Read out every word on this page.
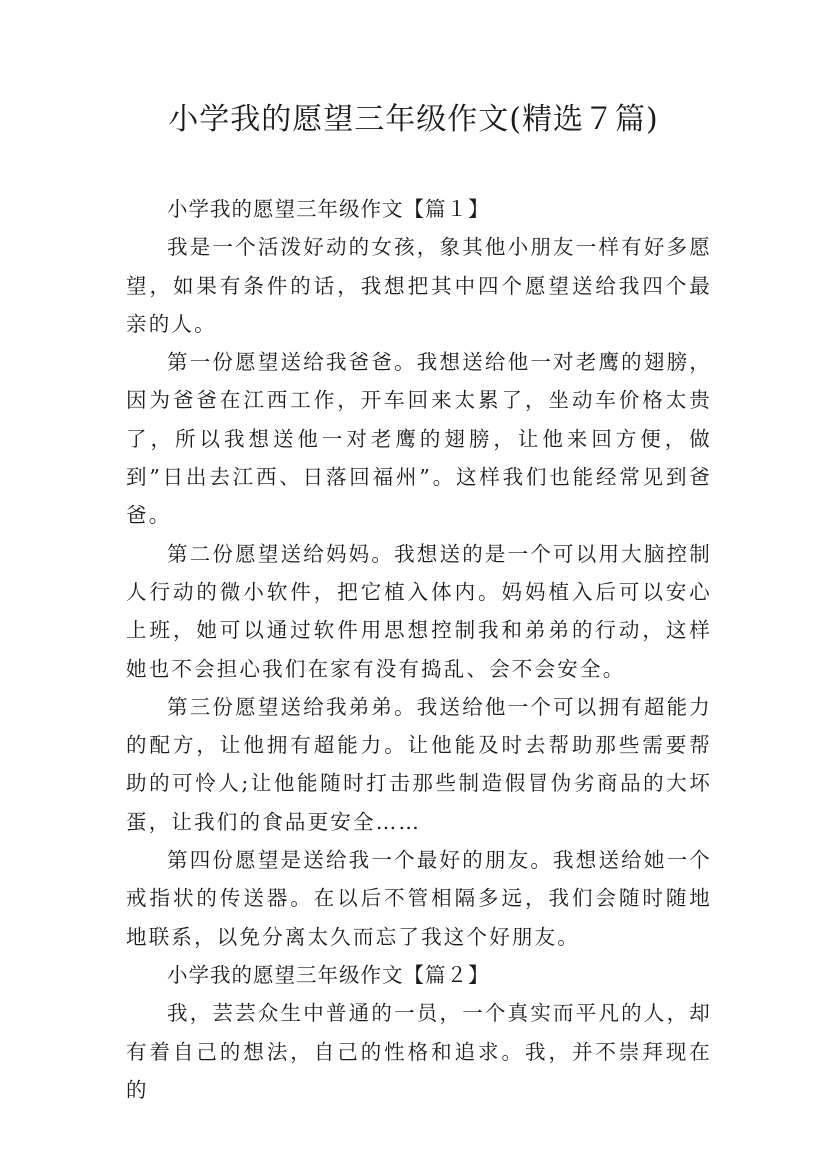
小学我的愿望三年级作文(精选７篇)

小学我的愿望三年级作文【篇１】

我是一个活泼好动的女孩，象其他小朋友一样有好多愿望，如果有条件的话，我想把其中四个愿望送给我四个最亲的人。

第一份愿望送给我爸爸。我想送给他一对老鹰的翅膀，因为爸爸在江西工作，开车回来太累了，坐动车价格太贵了，所以我想送他一对老鹰的翅膀，让他来回方便，做到”日出去江西、日落回福州”。这样我们也能经常见到爸爸。

第二份愿望送给妈妈。我想送的是一个可以用大脑控制人行动的微小软件，把它植入体内。妈妈植入后可以安心上班，她可以通过软件用思想控制我和弟弟的行动，这样她也不会担心我们在家有没有捣乱、会不会安全。

第三份愿望送给我弟弟。我送给他一个可以拥有超能力的配方，让他拥有超能力。让他能及时去帮助那些需要帮助的可怜人;让他能随时打击那些制造假冒伪劣商品的大坏蛋，让我们的食品更安全……

第四份愿望是送给我一个最好的朋友。我想送给她一个戒指状的传送器。在以后不管相隔多远，我们会随时随地地联系，以免分离太久而忘了我这个好朋友。

小学我的愿望三年级作文【篇２】

我，芸芸众生中普通的一员，一个真实而平凡的人，却有着自己的想法，自己的性格和追求。我，并不崇拜现在的
